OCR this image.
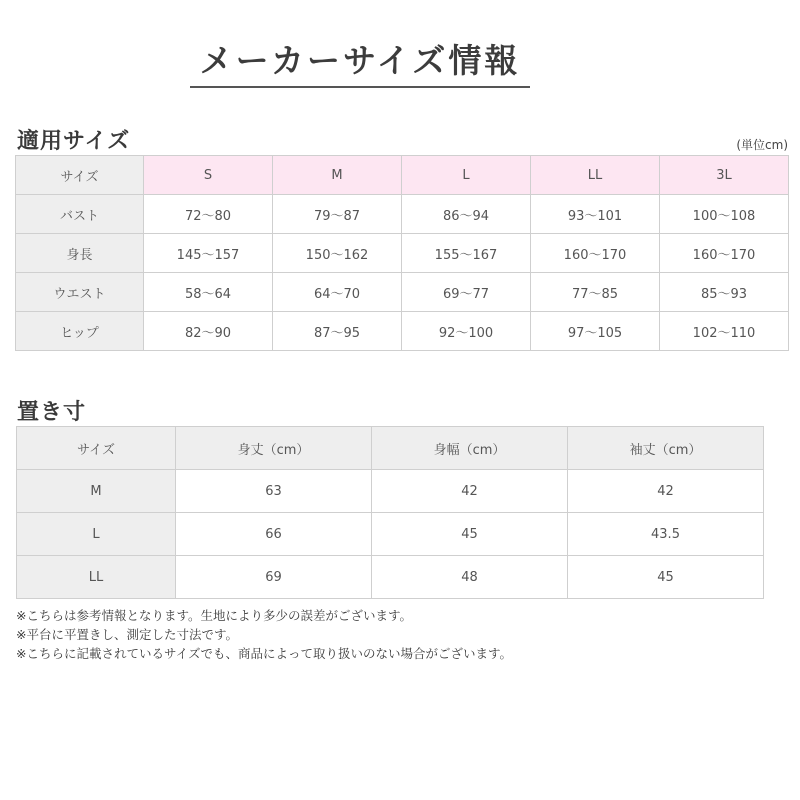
メーカーサイズ情報
適用サイズ	(単位cm)
サイズ	S	M	L	LL	3L
バスト	72〜80	79〜87	86〜94	93〜101	100〜108
身長	145〜157	150〜162	155〜167	160〜170	160〜170
ウエスト	58〜64	64〜70	69〜77	77〜85	85〜93
ヒップ	82〜90	87〜95	92〜100	97〜105	102〜110
置き寸
サイズ	身丈（cm）	身幅（cm）	袖丈（cm）
M	63	42	42
L	66	45	43.5
LL	69	48	45
※こちらは参考情報となります。生地により多少の誤差がございます。
※平台に平置きし、測定した寸法です。
※こちらに記載されているサイズでも、商品によって取り扱いのない場合がございます。
